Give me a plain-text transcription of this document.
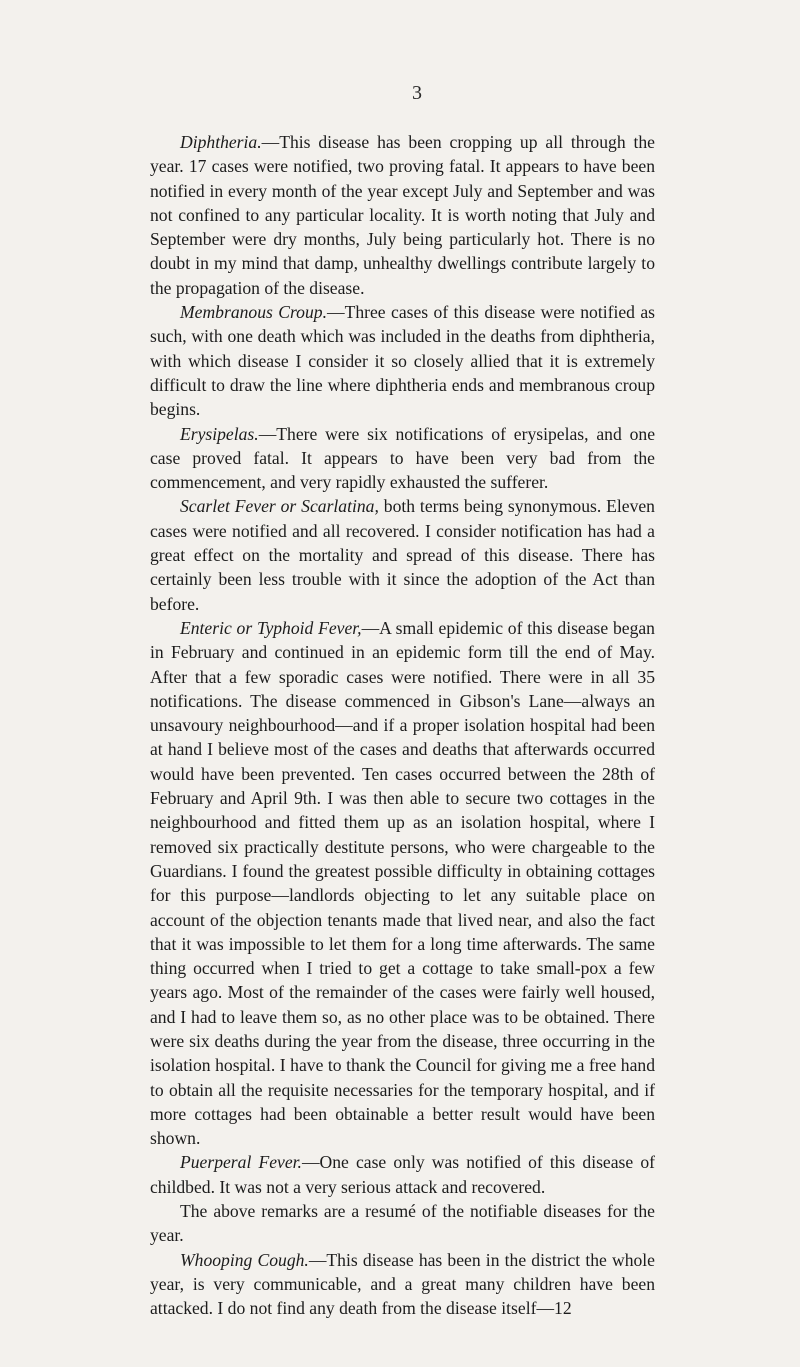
3

Diphtheria.—This disease has been cropping up all through the year. 17 cases were notified, two proving fatal. It appears to have been notified in every month of the year except July and September and was not confined to any particular locality. It is worth noting that July and September were dry months, July being particularly hot. There is no doubt in my mind that damp, unhealthy dwellings contribute largely to the propagation of the disease.

Membranous Croup.—Three cases of this disease were notified as such, with one death which was included in the deaths from diphtheria, with which disease I consider it so closely allied that it is extremely difficult to draw the line where diphtheria ends and membranous croup begins.

Erysipelas.—There were six notifications of erysipelas, and one case proved fatal. It appears to have been very bad from the commencement, and very rapidly exhausted the sufferer.

Scarlet Fever or Scarlatina, both terms being synonymous. Eleven cases were notified and all recovered. I consider notification has had a great effect on the mortality and spread of this disease. There has certainly been less trouble with it since the adoption of the Act than before.

Enteric or Typhoid Fever,—A small epidemic of this disease began in February and continued in an epidemic form till the end of May. After that a few sporadic cases were notified. There were in all 35 notifications. The disease commenced in Gibson's Lane—always an unsavoury neighbourhood—and if a proper isolation hospital had been at hand I believe most of the cases and deaths that afterwards occurred would have been prevented. Ten cases occurred between the 28th of February and April 9th. I was then able to secure two cottages in the neighbourhood and fitted them up as an isolation hospital, where I removed six practically destitute persons, who were chargeable to the Guardians. I found the greatest possible difficulty in obtaining cottages for this purpose—landlords objecting to let any suitable place on account of the objection tenants made that lived near, and also the fact that it was impossible to let them for a long time afterwards. The same thing occurred when I tried to get a cottage to take small-pox a few years ago. Most of the remainder of the cases were fairly well housed, and I had to leave them so, as no other place was to be obtained. There were six deaths during the year from the disease, three occurring in the isolation hospital. I have to thank the Council for giving me a free hand to obtain all the requisite necessaries for the temporary hospital, and if more cottages had been obtainable a better result would have been shown.

Puerperal Fever.—One case only was notified of this disease of childbed. It was not a very serious attack and recovered.

The above remarks are a resumé of the notifiable diseases for the year.

Whooping Cough.—This disease has been in the district the whole year, is very communicable, and a great many children have been attacked. I do not find any death from the disease itself—12
